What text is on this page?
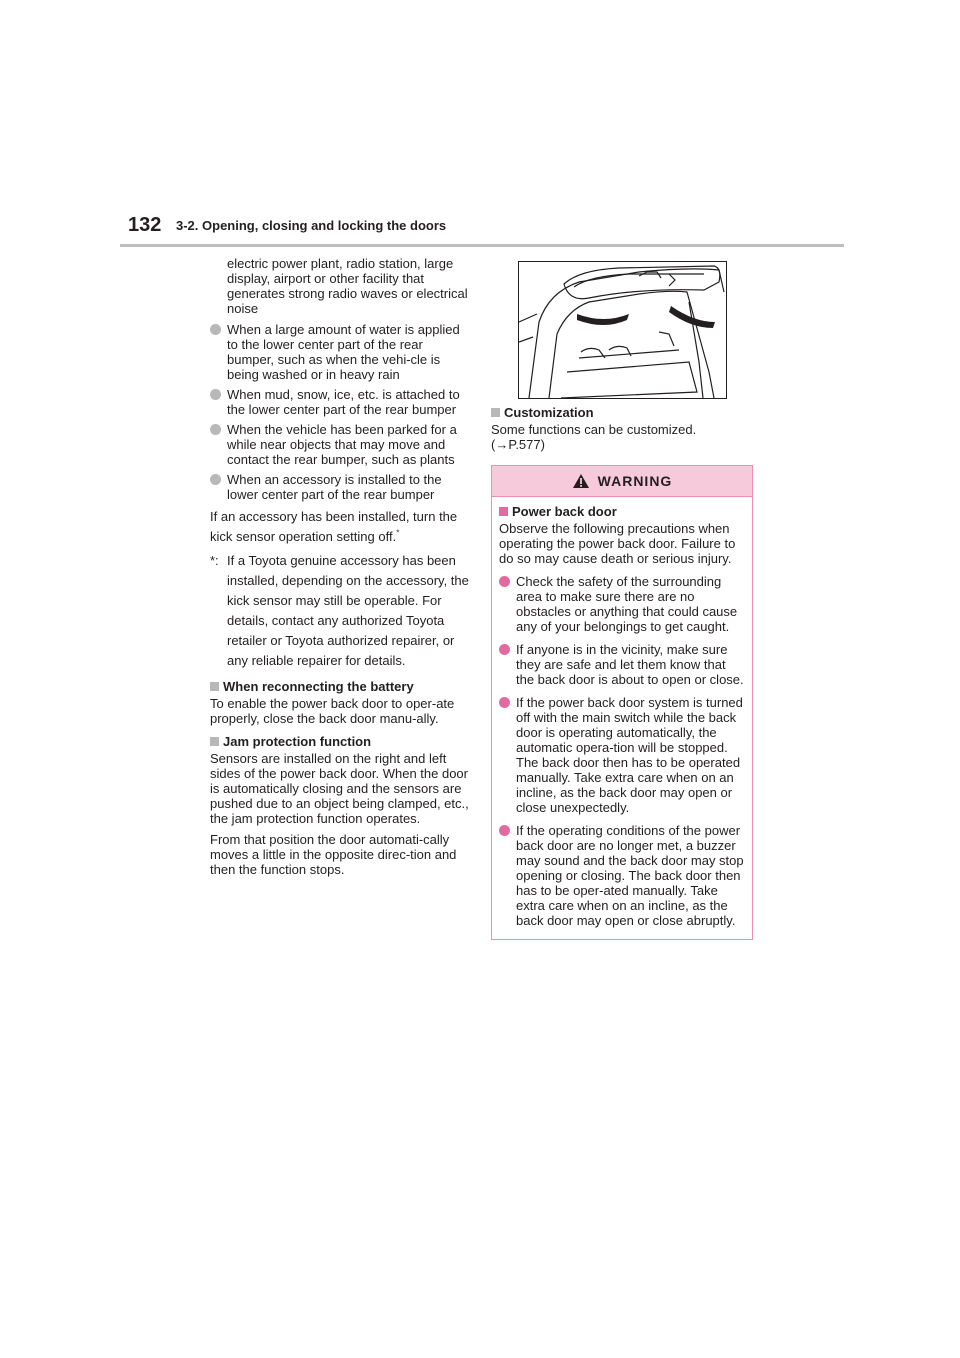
132 3-2. Opening, closing and locking the doors

electric power plant, radio station, large display, airport or other facility that generates strong radio waves or electrical noise

When a large amount of water is applied to the lower center part of the rear bumper, such as when the vehi-cle is being washed or in heavy rain
When mud, snow, ice, etc. is attached to the lower center part of the rear bumper
When the vehicle has been parked for a while near objects that may move and contact the rear bumper, such as plants
When an accessory is installed to the lower center part of the rear bumper

If an accessory has been installed, turn the kick sensor operation setting off.*

*: If a Toyota genuine accessory has been installed, depending on the accessory, the kick sensor may still be operable. For details, contact any authorized Toyota retailer or Toyota authorized repairer, or any reliable repairer for details.
When reconnecting the battery

To enable the power back door to oper-ate properly, close the back door manu-ally.

Jam protection function

Sensors are installed on the right and left sides of the power back door. When the door is automatically closing and the sensors are pushed due to an object being clamped, etc., the jam protection function operates.

From that position the door automati-cally moves a little in the opposite direc-tion and then the function stops.

Customization

Some functions can be customized. (→P.577)

WARNING
Power back door

Observe the following precautions when operating the power back door. Failure to do so may cause death or serious injury.

Check the safety of the surrounding area to make sure there are no obstacles or anything that could cause any of your belongings to get caught.
If anyone is in the vicinity, make sure they are safe and let them know that the back door is about to open or close.
If the power back door system is turned off with the main switch while the back door is operating automatically, the automatic opera-tion will be stopped. The back door then has to be operated manually. Take extra care when on an incline, as the back door may open or close unexpectedly.
If the operating conditions of the power back door are no longer met, a buzzer may sound and the back door may stop opening or closing. The back door then has to be oper-ated manually. Take extra care when on an incline, as the back door may open or close abruptly.
